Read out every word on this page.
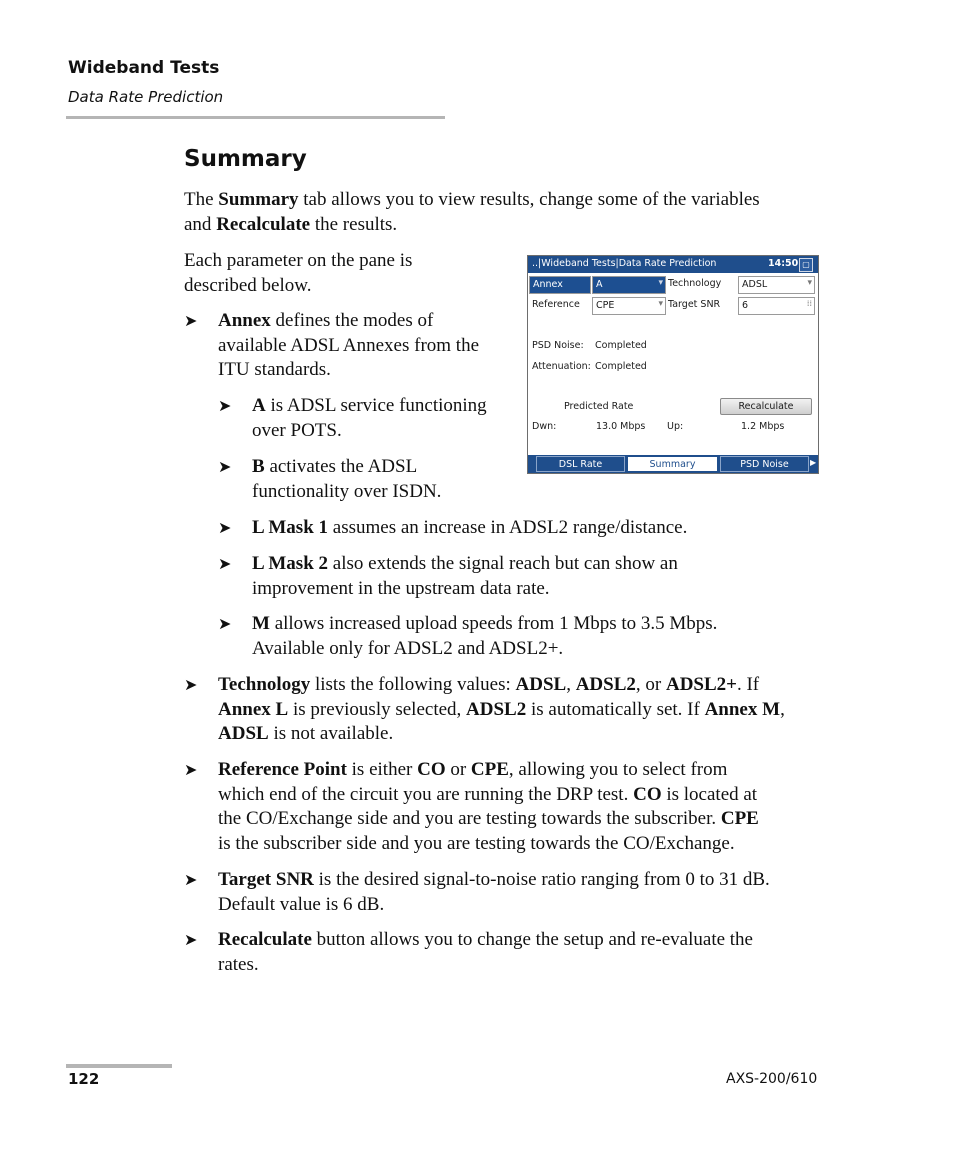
Wideband Tests
Data Rate Prediction
Summary
The Summary tab allows you to view results, change some of the variables
and Recalculate the results.
Each parameter on the pane is
described below.
➤ Annex defines the modes of
available ADSL Annexes from the
ITU standards.
➤ A is ADSL service functioning
over POTS.
➤ B activates the ADSL
functionality over ISDN.
➤ L Mask 1 assumes an increase in ADSL2 range/distance.
➤ L Mask 2 also extends the signal reach but can show an
improvement in the upstream data rate.
➤ M allows increased upload speeds from 1 Mbps to 3.5 Mbps.
Available only for ADSL2 and ADSL2+.
➤ Technology lists the following values: ADSL, ADSL2, or ADSL2+. If
Annex L is previously selected, ADSL2 is automatically set. If Annex M,
ADSL is not available.
➤ Reference Point is either CO or CPE, allowing you to select from
which end of the circuit you are running the DRP test. CO is located at
the CO/Exchange side and you are testing towards the subscriber. CPE
is the subscriber side and you are testing towards the CO/Exchange.
➤ Target SNR is the desired signal-to-noise ratio ranging from 0 to 31 dB.
Default value is 6 dB.
➤ Recalculate button allows you to change the setup and re-evaluate the
rates.
..|Wideband Tests|Data Rate Prediction	14:50 ▢
Annex	A	▾ Technology ADSL	▾
Reference CPE	▾ Target SNR 6	⁞⁞
PSD Noise: Completed
Attenuation: Completed
Predicted Rate	Recalculate
Dwn:	13.0 Mbps Up:	1.2 Mbps
DSL Rate	Summary	PSD Noise	▶
122	AXS-200/610
